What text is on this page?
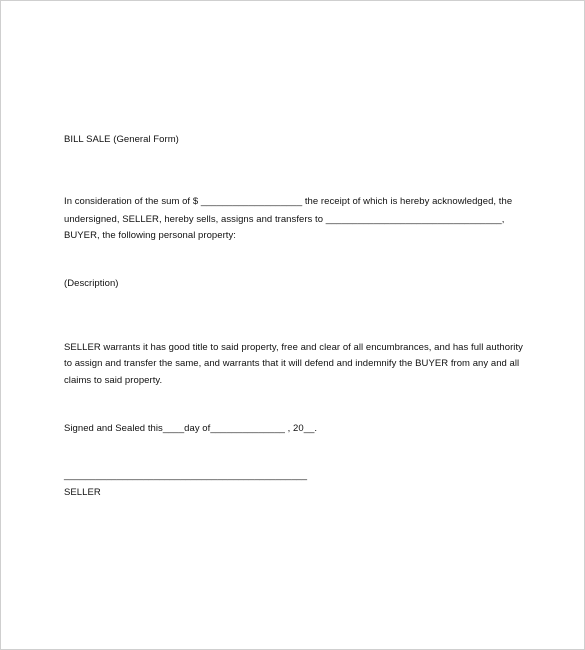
BILL SALE (General Form)
In consideration of the sum of $ ___________________ the receipt of which is hereby acknowledged, the
undersigned, SELLER, hereby sells, assigns and transfers to _________________________________,
BUYER, the following personal property:
(Description)
SELLER warrants it has good title to said property, free and clear of all encumbrances, and has full authority
to assign and transfer the same, and warrants that it will defend and indemnify the BUYER from any and all
claims to said property.
Signed and Sealed this____day of______________ , 20__.
______________________________________________
SELLER
